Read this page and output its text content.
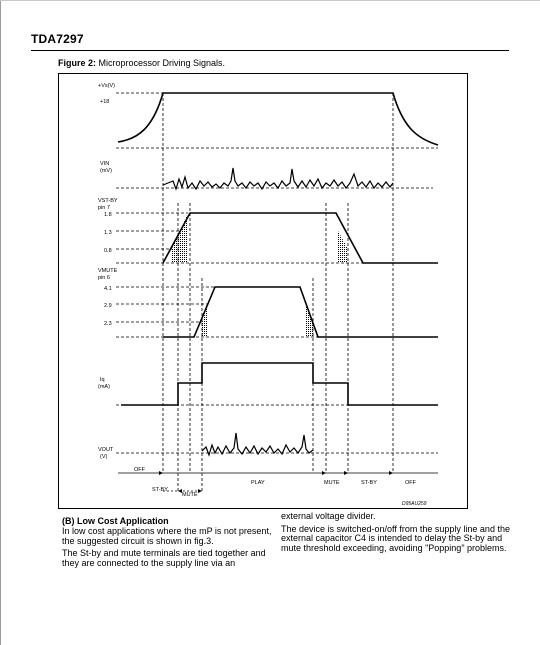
TDA7297
Figure 2: Microprocessor Driving Signals.
+Vs(V)
+18
VIN
(mV)
VST-BY
pin 7
1.8
1.3
0.8
VMUTE
pin 6
4.1
2.9
2.3
Iq
(mA)
VOUT
(V)
OFF
PLAY	MUTE	ST-BY	OFF
ST-BY
MUTE
D95AU259
(B) Low Cost Application

In low cost applications where the mP is not present, the suggested circuit is shown in fig.3.

The St-by and mute terminals are tied together and they are connected to the supply line via an

external voltage divider.

The device is switched-on/off from the supply line and the external capacitor C4 is intended to delay the St-by and mute threshold exceeding, avoiding "Popping" problems.
